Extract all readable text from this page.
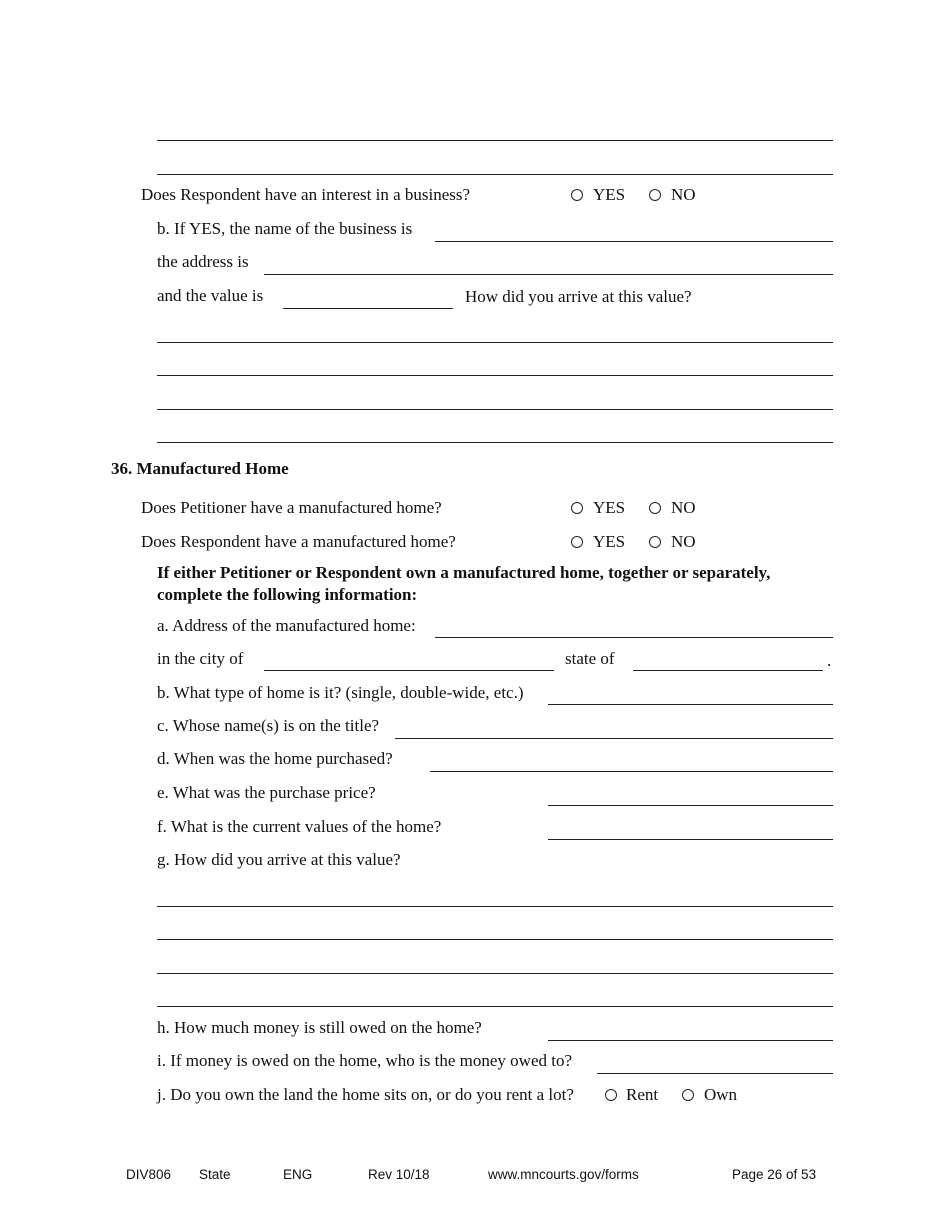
Does Respondent have an interest in a business?	YES	NO
b. If YES, the name of the business is
the address is
and the value is	How did you arrive at this value?
36. Manufactured Home
Does Petitioner have a manufactured home?	YES	NO
Does Respondent have a manufactured home?	YES	NO
If either Petitioner or Respondent own a manufactured home, together or separately,
complete the following information:
a. Address of the manufactured home:
in the city of	state of	.
b. What type of home is it? (single, double-wide, etc.)
c. Whose name(s) is on the title?
d. When was the home purchased?
e. What was the purchase price?
f. What is the current values of the home?
g. How did you arrive at this value?
h. How much money is still owed on the home?
i. If money is owed on the home, who is the money owed to?
j. Do you own the land the home sits on, or do you rent a lot?	Rent	Own
DIV806 State	ENG	Rev 10/18	www.mncourts.gov/forms	Page 26 of 53
